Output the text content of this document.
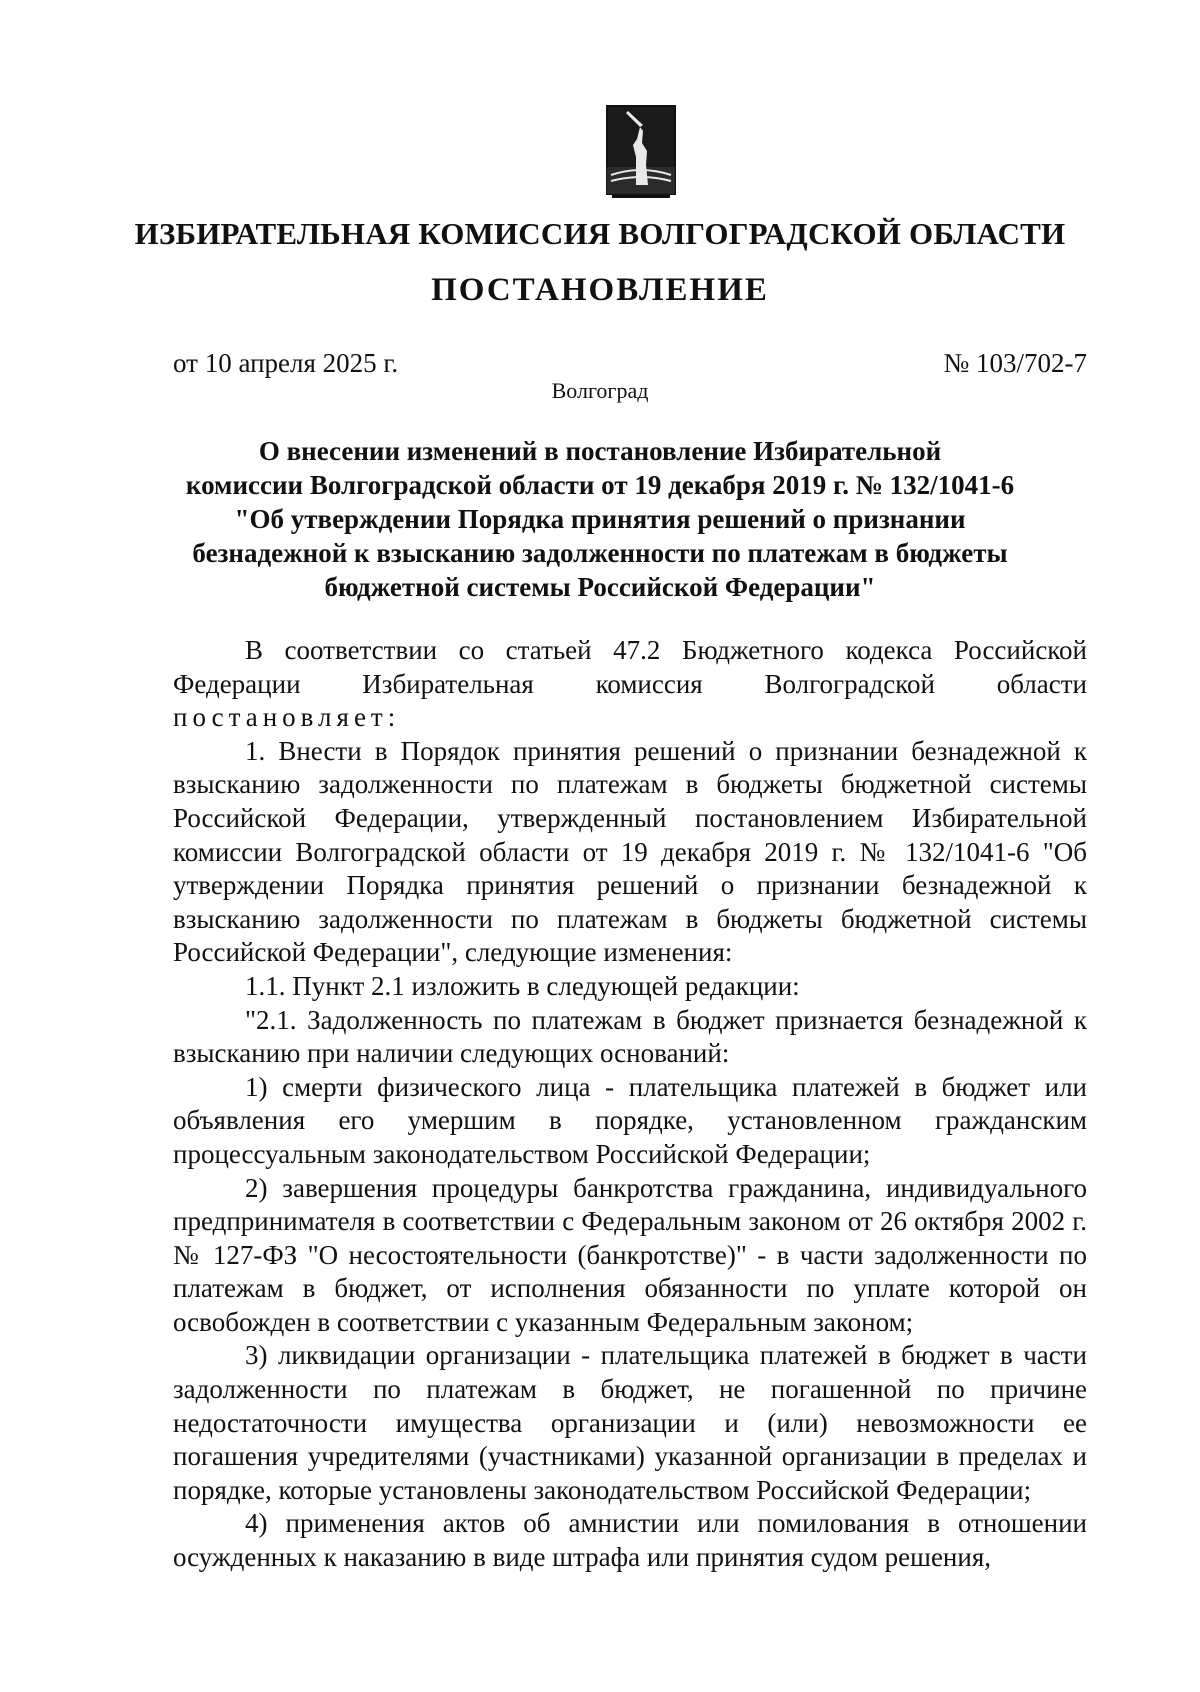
ИЗБИРАТЕЛЬНАЯ КОМИССИЯ ВОЛГОГРАДСКОЙ ОБЛАСТИ
ПОСТАНОВЛЕНИЕ
от 10 апреля 2025 г.	№ 103/702-7
Волгоград
О внесении изменений в постановление Избирательной
комиссии Волгоградской области от 19 декабря 2019 г. № 132/1041-6
"Об утверждении Порядка принятия решений о признании
безнадежной к взысканию задолженности по платежам в бюджеты
бюджетной системы Российской Федерации"

В соответствии со статьей 47.2 Бюджетного кодекса Российской Федерации Избирательная комиссия Волгоградской области постановляет:

1. Внести в Порядок принятия решений о признании безнадежной к взысканию задолженности по платежам в бюджеты бюджетной системы Российской Федерации, утвержденный постановлением Избирательной комиссии Волгоградской области от 19 декабря 2019 г. № 132/1041-6 "Об утверждении Порядка принятия решений о признании безнадежной к взысканию задолженности по платежам в бюджеты бюджетной системы Российской Федерации", следующие изменения:

1.1. Пункт 2.1 изложить в следующей редакции:

"2.1. Задолженность по платежам в бюджет признается безнадежной к взысканию при наличии следующих оснований:

1) смерти физического лица - плательщика платежей в бюджет или объявления его умершим в порядке, установленном гражданским процессуальным законодательством Российской Федерации;

2) завершения процедуры банкротства гражданина, индивидуального предпринимателя в соответствии с Федеральным законом от 26 октября 2002 г. № 127-ФЗ "О несостоятельности (банкротстве)" - в части задолженности по платежам в бюджет, от исполнения обязанности по уплате которой он освобожден в соответствии с указанным Федеральным законом;

3) ликвидации организации - плательщика платежей в бюджет в части задолженности по платежам в бюджет, не погашенной по причине недостаточности имущества организации и (или) невозможности ее погашения учредителями (участниками) указанной организации в пределах и порядке, которые установлены законодательством Российской Федерации;

4) применения актов об амнистии или помилования в отношении осужденных к наказанию в виде штрафа или принятия судом решения,
